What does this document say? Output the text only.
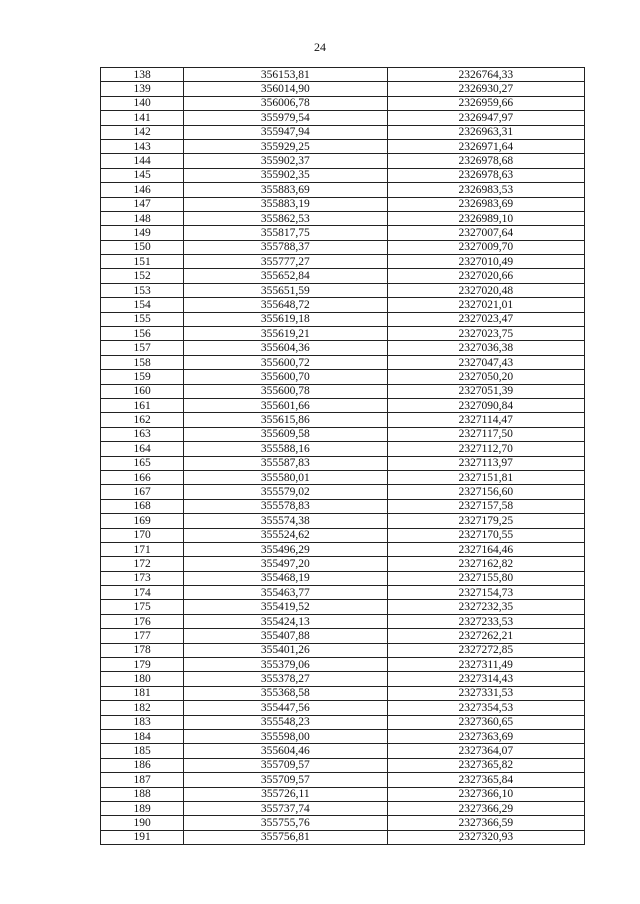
24
138	356153,81	2326764,33
139	356014,90	2326930,27
140	356006,78	2326959,66
141	355979,54	2326947,97
142	355947,94	2326963,31
143	355929,25	2326971,64
144	355902,37	2326978,68
145	355902,35	2326978,63
146	355883,69	2326983,53
147	355883,19	2326983,69
148	355862,53	2326989,10
149	355817,75	2327007,64
150	355788,37	2327009,70
151	355777,27	2327010,49
152	355652,84	2327020,66
153	355651,59	2327020,48
154	355648,72	2327021,01
155	355619,18	2327023,47
156	355619,21	2327023,75
157	355604,36	2327036,38
158	355600,72	2327047,43
159	355600,70	2327050,20
160	355600,78	2327051,39
161	355601,66	2327090,84
162	355615,86	2327114,47
163	355609,58	2327117,50
164	355588,16	2327112,70
165	355587,83	2327113,97
166	355580,01	2327151,81
167	355579,02	2327156,60
168	355578,83	2327157,58
169	355574,38	2327179,25
170	355524,62	2327170,55
171	355496,29	2327164,46
172	355497,20	2327162,82
173	355468,19	2327155,80
174	355463,77	2327154,73
175	355419,52	2327232,35
176	355424,13	2327233,53
177	355407,88	2327262,21
178	355401,26	2327272,85
179	355379,06	2327311,49
180	355378,27	2327314,43
181	355368,58	2327331,53
182	355447,56	2327354,53
183	355548,23	2327360,65
184	355598,00	2327363,69
185	355604,46	2327364,07
186	355709,57	2327365,82
187	355709,57	2327365,84
188	355726,11	2327366,10
189	355737,74	2327366,29
190	355755,76	2327366,59
191	355756,81	2327320,93
